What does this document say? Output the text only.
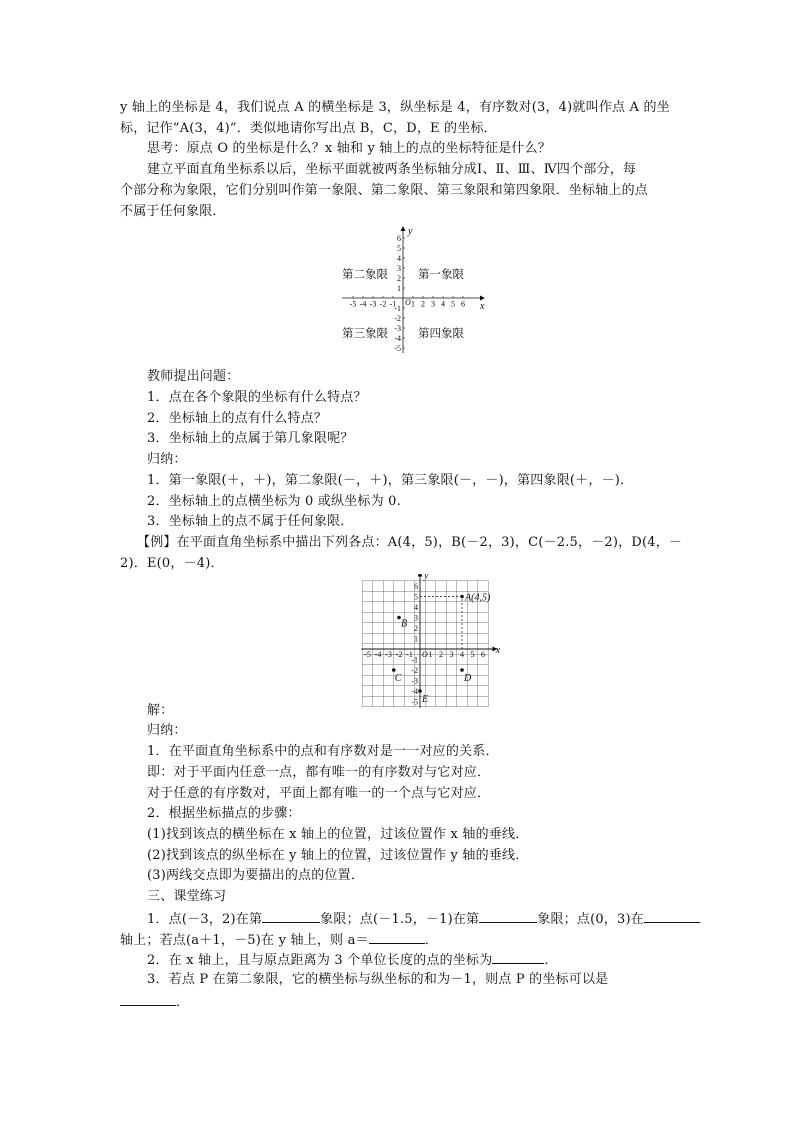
y 轴上的坐标是 4，我们说点 A 的横坐标是 3，纵坐标是 4，有序数对(3，4)就叫作点 A 的坐
标，记作“A(3，4)”．类似地请你写出点 B，C，D，E 的坐标．
思考：原点 O 的坐标是什么？x 轴和 y 轴上的点的坐标特征是什么？
建立平面直角坐标系以后，坐标平面就被两条坐标轴分成Ⅰ、Ⅱ、Ⅲ、Ⅳ四个部分，每
个部分称为象限，它们分别叫作第一象限、第二象限、第三象限和第四象限．坐标轴上的点
不属于任何象限．
x
y
O
-5 -4 -3 -2 -1 1 2 3 4 5 6
6
5
4
3
2
1
-1
-2
-3
-4
-5
第二象限	第一象限
第三象限	第四象限
教师提出问题：
1．点在各个象限的坐标有什么特点？
2．坐标轴上的点有什么特点？
3．坐标轴上的点属于第几象限呢？
归纳：
1．第一象限(＋，＋)，第二象限(－，＋)，第三象限(－，－)，第四象限(＋，－)．
2．坐标轴上的点横坐标为 0 或纵坐标为 0.
3．坐标轴上的点不属于任何象限．
【例】在平面直角坐标系中描出下列各点：A(4，5)，B(－2，3)，C(－2.5，－2)，D(4，－
2)．E(0，－4)．
解：
x
y
O
-5 -4 -3 -2 -1 1 2 3 4 5 6
6
5
4
3
2
1
-1
-2
-3
-4
-5
A(4,5)
B
C	D
E
归纳：
1．在平面直角坐标系中的点和有序数对是一一对应的关系．
即：对于平面内任意一点，都有唯一的有序数对与它对应．
对于任意的有序数对，平面上都有唯一的一个点与它对应．
2．根据坐标描点的步骤：
(1)找到该点的横坐标在 x 轴上的位置，过该位置作 x 轴的垂线．
(2)找到该点的纵坐标在 y 轴上的位置，过该位置作 y 轴的垂线．
(3)两线交点即为要描出的点的位置．
三、课堂练习
1．点(－3，2)在第	象限；点(－1.5，－1)在第	象限；点(0，3)在
轴上；若点(a＋1，－5)在 y 轴上，则 a＝	．
2．在 x 轴上，且与原点距离为 3 个单位长度的点的坐标为	．
3．若点 P 在第二象限，它的横坐标与纵坐标的和为－1，则点 P 的坐标可以是
．
